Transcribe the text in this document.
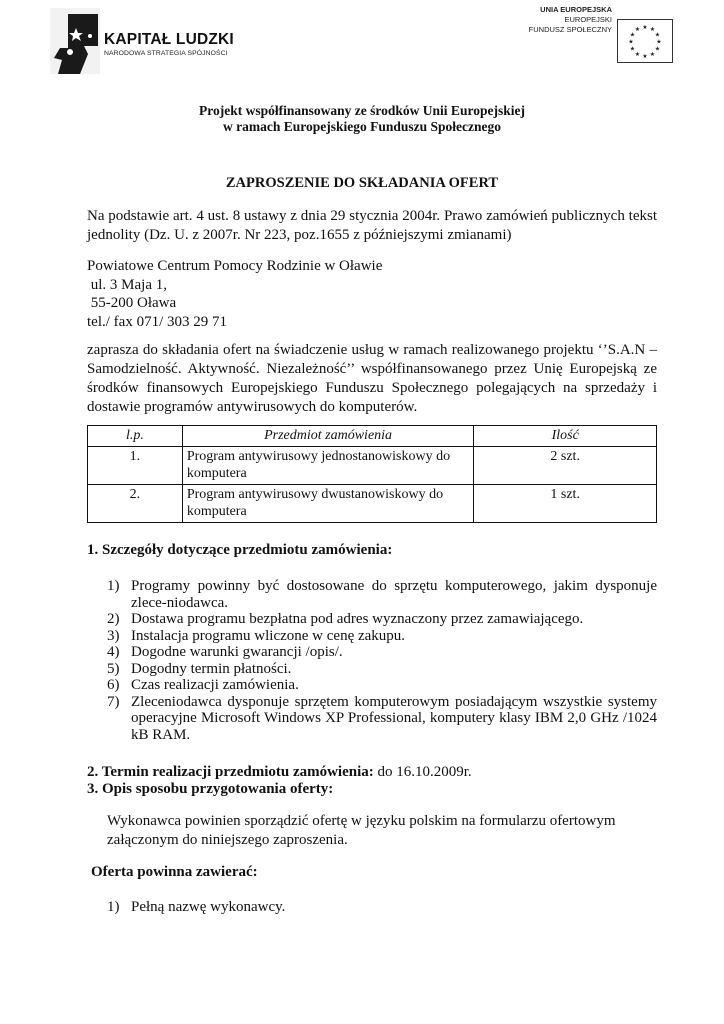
KAPITAŁ LUDZKI
NARODOWA STRATEGIA SPÓJNOŚCI
UNIA EUROPEJSKA
EUROPEJSKI
FUNDUSZ SPOŁECZNY	★ ★
★
★
★
★
★
★
★
★
★
★
Projekt współfinansowany ze środków Unii Europejskiej
w ramach Europejskiego Funduszu Społecznego
ZAPROSZENIE DO SKŁADANIA OFERT
Na podstawie art. 4 ust. 8 ustawy z dnia 29 stycznia 2004r. Prawo zamówień publicznych tekst jednolity (Dz. U. z 2007r. Nr 223, poz.1655 z późniejszymi zmianami)
Powiatowe Centrum Pomocy Rodzinie w Oławie
ul. 3 Maja 1,
55-200 Oława
tel./ fax 071/ 303 29 71
zaprasza do składania ofert na świadczenie usług w ramach realizowanego projektu ‘’S.A.N – Samodzielność. Aktywność. Niezależność’’ współfinansowanego przez Unię Europejską ze środków finansowych Europejskiego Funduszu Społecznego polegających na sprzedaży i dostawie programów antywirusowych do komputerów.
l.p.	Przedmiot zamówienia	Ilość
1.	Program antywirusowy jednostanowiskowy do komputera	2 szt.
2.	Program antywirusowy dwustanowiskowy do komputera	1 szt.
1. Szczegóły dotyczące przedmiotu zamówienia:
1) Programy powinny być dostosowane do sprzętu komputerowego, jakim dysponuje zlece-niodawca.
2) Dostawa programu bezpłatna pod adres wyznaczony przez zamawiającego.
3) Instalacja programu wliczone w cenę zakupu.
4) Dogodne warunki gwarancji /opis/.
5) Dogodny termin płatności.
6) Czas realizacji zamówienia.
7) Zleceniodawca dysponuje sprzętem komputerowym posiadającym wszystkie systemy operacyjne Microsoft Windows XP Professional, komputery klasy IBM 2,0 GHz /1024 kB RAM.
2. Termin realizacji przedmiotu zamówienia: do 16.10.2009r.
3. Opis sposobu przygotowania oferty:
Wykonawca powinien sporządzić ofertę w języku polskim na formularzu ofertowym załączonym do niniejszego zaproszenia.
Oferta powinna zawierać:
1) Pełną nazwę wykonawcy.
